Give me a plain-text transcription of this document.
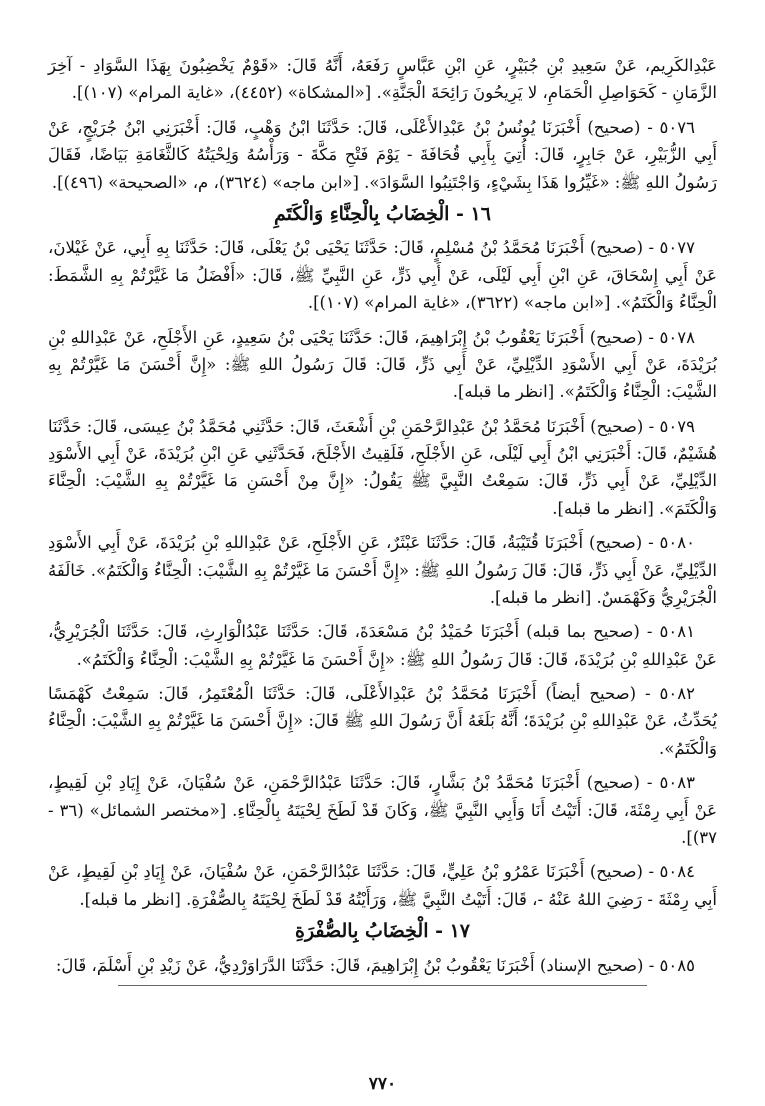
عَبْدِالكَرِيم، عَنْ سَعِيدِ بْنِ جُبَيْرٍ، عَنِ ابْنِ عَبَّاسٍ رَفَعَهُ، أَنَّهُ قَالَ: «قَوْمٌ يَخْضِبُونَ بِهَذَا السَّوَادِ - آخِرَ الزَّمَانِ - كَحَوَاصِلِ الْحَمَامِ، لا يَرِيحُونَ رَائِحَةَ الْجَنَّةِ». [«المشكاة» (٤٤٥٢)، «غاية المرام» (١٠٧)].

٥٠٧٦ - (صحيح) أَخْبَرَنَا يُونُسُ بْنُ عَبْدِالأَعْلَى، قَالَ: حَدَّثَنَا ابْنُ وَهْبٍ، قَالَ: أَخْبَرَنِي ابْنُ جُرَيْجٍ، عَنْ أَبِي الزُّبَيْرِ، عَنْ جَابِرٍ، قَالَ: أُتِيَ بِأَبِي قُحَافَةَ - يَوْمَ فَتْحِ مَكَّةَ - وَرَأْسُهُ وَلِحْيَتُهُ كَالثَّغَامَةِ بَيَاضًا، فَقَالَ رَسُولُ اللهِ ﷺ: «غَيِّرُوا هَذَا بِشَيْءٍ، وَاجْتَنِبُوا السَّوَادَ». [«ابن ماجه» (٣٦٢٤)، م، «الصحيحة» (٤٩٦)].

١٦ - الْخِضَابُ بِالْحِنَّاءِ وَالْكَتَمِ

٥٠٧٧ - (صحيح) أَخْبَرَنَا مُحَمَّدُ بْنُ مُسْلِمٍ، قَالَ: حَدَّثَنَا يَحْيَى بْنُ يَعْلَى، قَالَ: حَدَّثَنَا بِهِ أَبِي، عَنْ غَيْلانَ، عَنْ أَبِي إِسْحَاقَ، عَنِ ابْنِ أَبِي لَيْلَى، عَنْ أَبِي ذَرٍّ، عَنِ النَّبِيِّ ﷺ، قَالَ: «أَفْضَلُ مَا غَيَّرْتُمْ بِهِ الشَّمَطَ: الْحِنَّاءُ وَالْكَتَمُ». [«ابن ماجه» (٣٦٢٢)، «غاية المرام» (١٠٧)].

٥٠٧٨ - (صحيح) أَخْبَرَنَا يَعْقُوبُ بْنُ إِبْرَاهِيمَ، قَالَ: حَدَّثَنَا يَحْيَى بْنُ سَعِيدٍ، عَنِ الأَجْلَحِ، عَنْ عَبْدِاللهِ بْنِ بُرَيْدَةَ، عَنْ أَبِي الأَسْوَدِ الدِّيْلِيِّ، عَنْ أَبِي ذَرٍّ، قَالَ: قَالَ رَسُولُ اللهِ ﷺ: «إِنَّ أَحْسَنَ مَا غَيَّرْتُمْ بِهِ الشَّيْبَ: الْحِنَّاءُ وَالْكَتَمُ». [انظر ما قبله].

٥٠٧٩ - (صحيح) أَخْبَرَنَا مُحَمَّدُ بْنُ عَبْدِالرَّحْمَنِ بْنِ أَشْعَثَ، قَالَ: حَدَّثَنِي مُحَمَّدُ بْنُ عِيسَى، قَالَ: حَدَّثَنَا هُشَيْمٌ، قَالَ: أَخْبَرَنِي ابْنُ أَبِي لَيْلَى، عَنِ الأَجْلَحِ، فَلَقِيتُ الأَجْلَحَ، فَحَدَّثَنِي عَنِ ابْنِ بُرَيْدَةَ، عَنْ أَبِي الأَسْوَدِ الدِّيْلِيِّ، عَنْ أَبِي ذَرٍّ، قَالَ: سَمِعْتُ النَّبِيَّ ﷺ يَقُولُ: «إِنَّ مِنْ أَحْسَنِ مَا غَيَّرْتُمْ بِهِ الشَّيْبَ: الْحِنَّاءَ وَالْكَتَمَ». [انظر ما قبله].

٥٠٨٠ - (صحيح) أَخْبَرَنَا قُتَيْبَةُ، قَالَ: حَدَّثَنَا عَبْثَرٌ، عَنِ الأَجْلَحِ، عَنْ عَبْدِاللهِ بْنِ بُرَيْدَةَ، عَنْ أَبِي الأَسْوَدِ الدِّيْلِيِّ، عَنْ أَبِي ذَرٍّ، قَالَ: قَالَ رَسُولُ اللهِ ﷺ: «إِنَّ أَحْسَنَ مَا غَيَّرْتُمْ بِهِ الشَّيْبَ: الْحِنَّاءُ وَالْكَتَمُ». خَالَفَهُ الْجُرَيْرِيُّ وَكَهْمَسٌ. [انظر ما قبله].

٥٠٨١ - (صحيح بما قبله) أَخْبَرَنَا حُمَيْدُ بْنُ مَسْعَدَةَ، قَالَ: حَدَّثَنَا عَبْدُالْوَارِثِ، قَالَ: حَدَّثَنَا الْجُرَيْرِيُّ، عَنْ عَبْدِاللهِ بْنِ بُرَيْدَةَ، قَالَ: قَالَ رَسُولُ اللهِ ﷺ: «إِنَّ أَحْسَنَ مَا غَيَّرْتُمْ بِهِ الشَّيْبَ: الْحِنَّاءُ وَالْكَتَمُ».

٥٠٨٢ - (صحيح أيضاً) أَخْبَرَنَا مُحَمَّدُ بْنُ عَبْدِالأَعْلَى، قَالَ: حَدَّثَنَا الْمُعْتَمِرُ، قَالَ: سَمِعْتُ كَهْمَسًا يُحَدِّثُ، عَنْ عَبْدِاللهِ بْنِ بُرَيْدَةَ؛ أَنَّهُ بَلَغَهُ أَنَّ رَسُولَ اللهِ ﷺ قَالَ: «إِنَّ أَحْسَنَ مَا غَيَّرْتُمْ بِهِ الشَّيْبَ: الْحِنَّاءُ وَالْكَتَمُ».

٥٠٨٣ - (صحيح) أَخْبَرَنَا مُحَمَّدُ بْنُ بَشَّارٍ، قَالَ: حَدَّثَنَا عَبْدُالرَّحْمَنِ، عَنْ سُفْيَانَ، عَنْ إِيَادِ بْنِ لَقِيطٍ، عَنْ أَبِي رِمْثَةَ، قَالَ: أَتَيْتُ أَنَا وَأَبِي النَّبِيَّ ﷺ، وَكَانَ قَدْ لَطَخَ لِحْيَتَهُ بِالْحِنَّاءِ. [«مختصر الشمائل» (٣٦ - ٣٧)].

٥٠٨٤ - (صحيح) أَخْبَرَنَا عَمْرُو بْنُ عَلِيٍّ، قَالَ: حَدَّثَنَا عَبْدُالرَّحْمَنِ، عَنْ سُفْيَانَ، عَنْ إِيَادِ بْنِ لَقِيطٍ، عَنْ أَبِي رِمْثَةَ - رَضِيَ اللهُ عَنْهُ -، قَالَ: أَتَيْتُ النَّبِيَّ ﷺ، وَرَأَيْتُهُ قَدْ لَطَخَ لِحْيَتَهُ بِالصُّفْرَةِ. [انظر ما قبله].

١٧ - الْخِضَابُ بِالصُّفْرَةِ

٥٠٨٥ - (صحيح الإسناد) أَخْبَرَنَا يَعْقُوبُ بْنُ إِبْرَاهِيمَ، قَالَ: حَدَّثَنَا الدَّرَاوَرْدِيُّ، عَنْ زَيْدِ بْنِ أَسْلَمَ، قَالَ:

٧٧٠
